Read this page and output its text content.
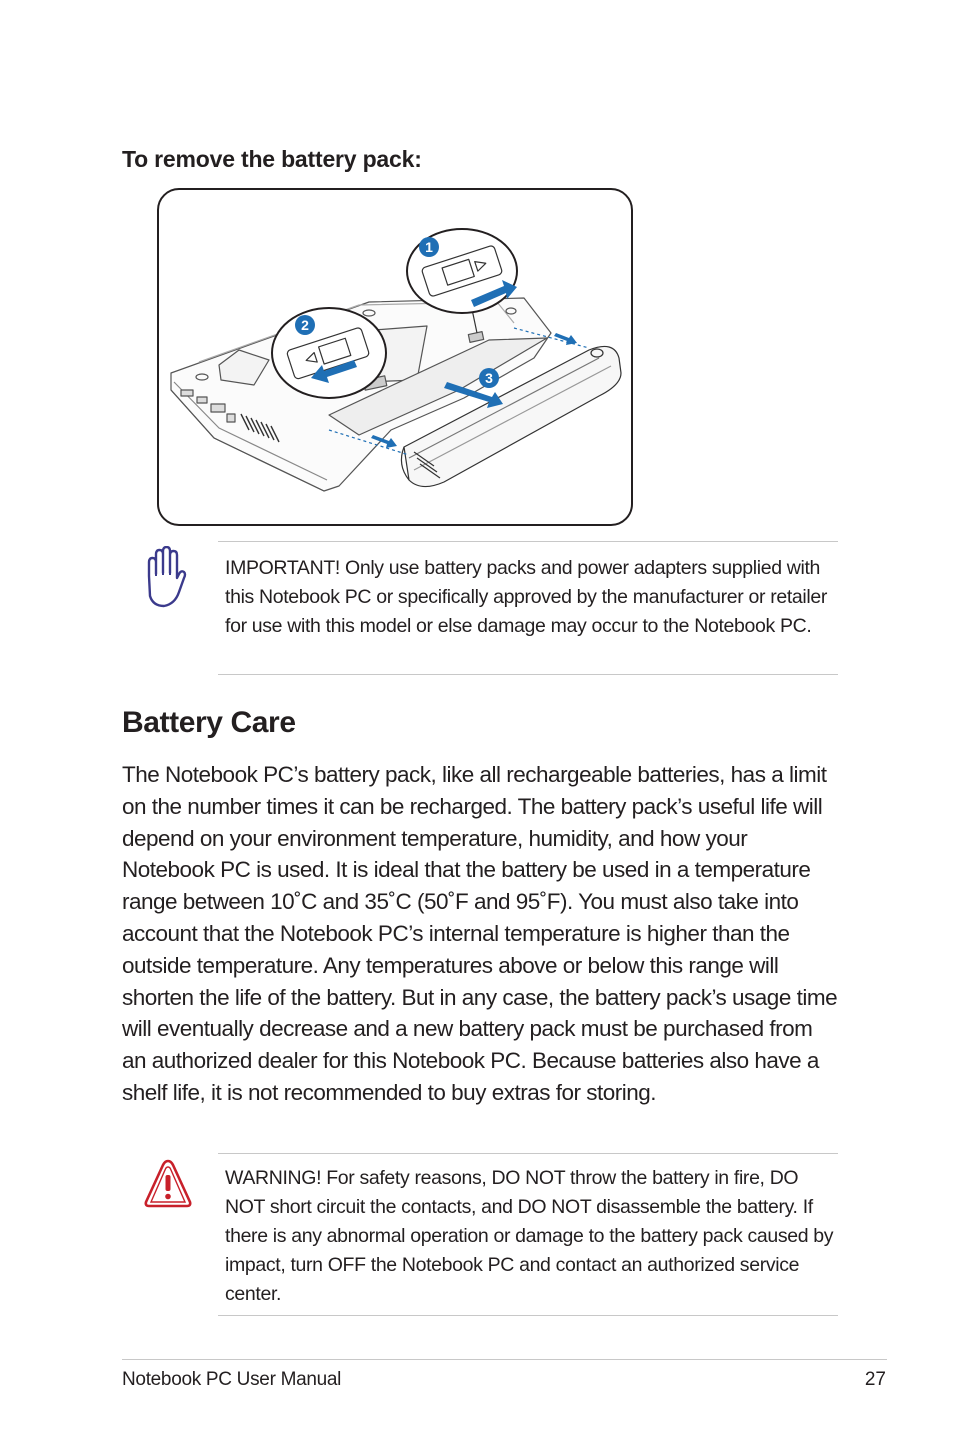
To remove the battery pack:
1
2
3

IMPORTANT! Only use battery packs and power adapters supplied with this Notebook PC or specifically approved by the manufacturer or retailer for use with this model or else damage may occur to the Notebook PC.

Battery Care

The Notebook PC’s battery pack, like all rechargeable batteries, has a limit on the number times it can be recharged. The battery pack’s useful life will depend on your environment temperature, humidity, and how your Notebook PC is used. It is ideal that the battery be used in a temperature range between 10˚C and 35˚C (50˚F and 95˚F). You must also take into account that the Notebook PC’s internal temperature is higher than the outside temperature. Any temperatures above or below this range will shorten the life of the battery. But in any case, the battery pack’s usage time will eventually decrease and a new battery pack must be purchased from an authorized dealer for this Notebook PC. Because batteries also have a shelf life, it is not recommended to buy extras for storing.

WARNING! For safety reasons, DO NOT throw the battery in fire, DO NOT short circuit the contacts, and DO NOT disassemble the battery. If there is any abnormal operation or damage to the battery pack caused by impact, turn OFF the Notebook PC and contact an authorized service center.

Notebook PC User Manual	27
